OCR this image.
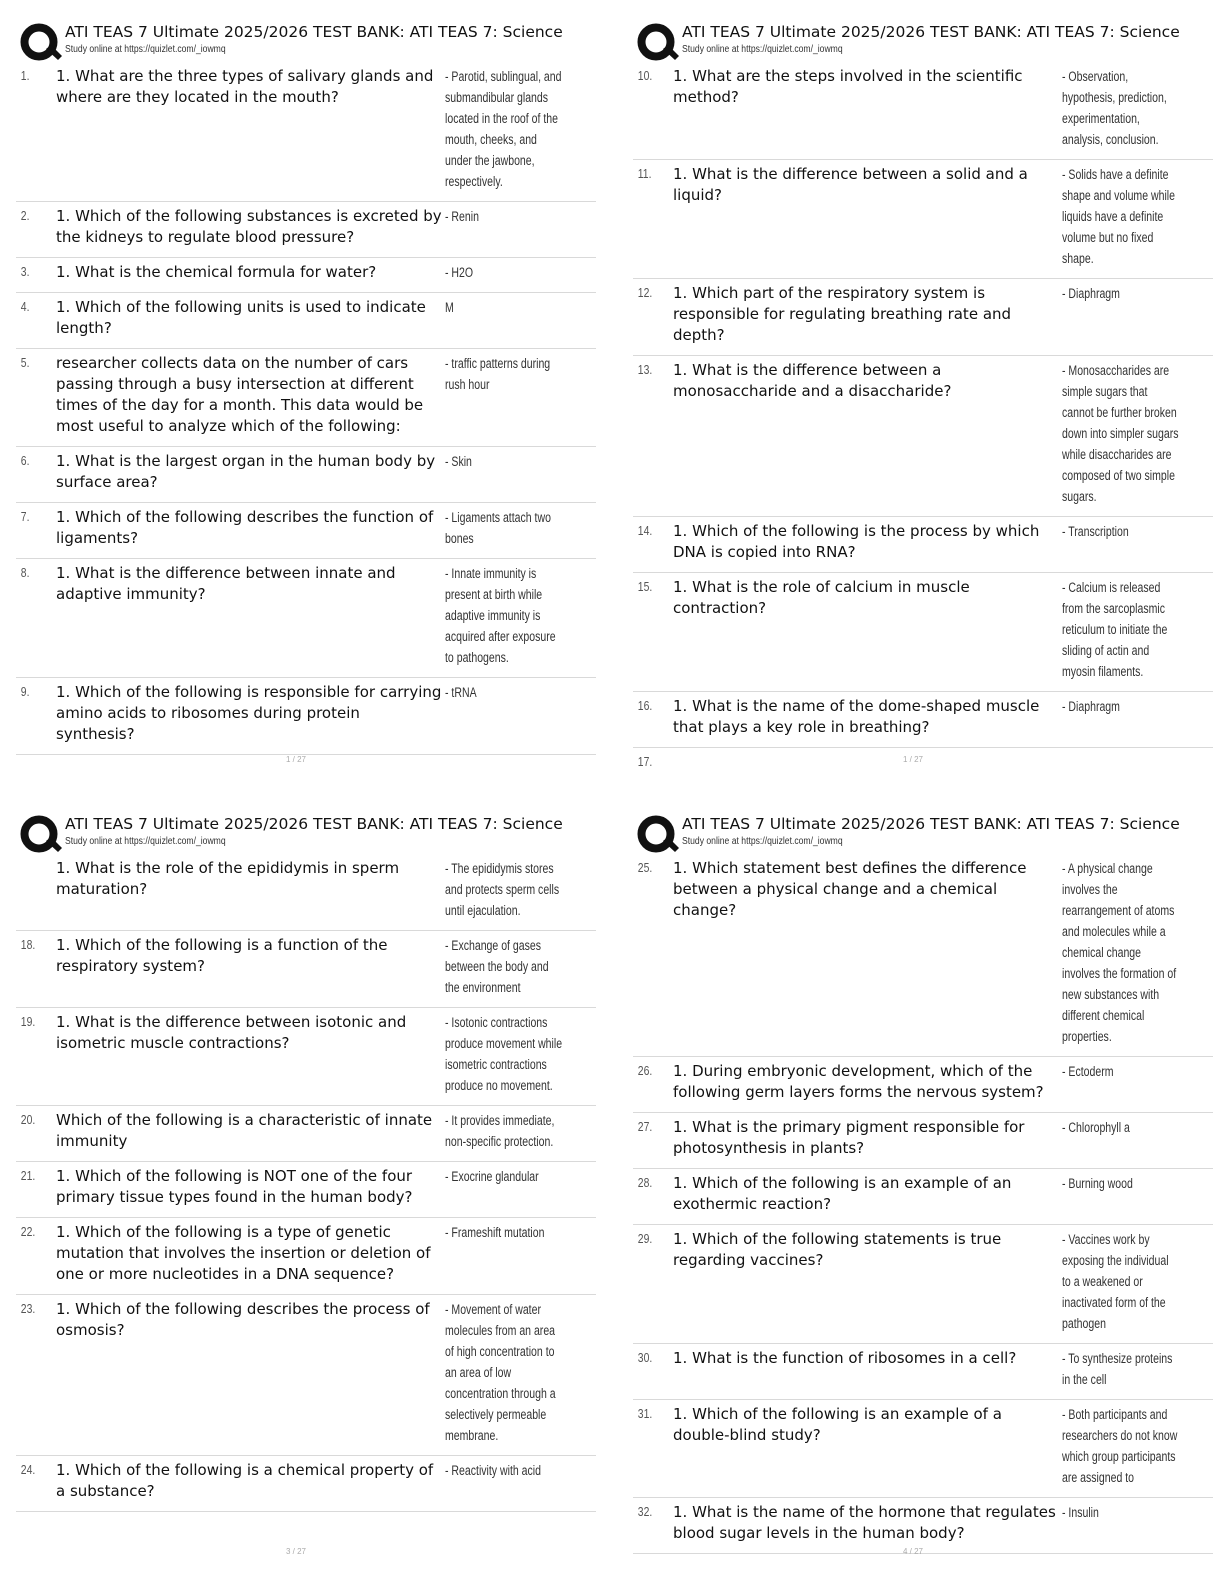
ATI TEAS 7 Ultimate 2025/2026 TEST BANK: ATI TEAS 7: Science
Study online at https://quizlet.com/_iowmq
1.	1. What are the three types of salivary glands and where are they located in the mouth?
- Parotid, sublingual, and submandibular glands located in the roof of the mouth, cheeks, and under the jawbone, respectively.
2.	1. Which of the following substances is excreted by the kidneys to regulate blood pressure?
- Renin
3.	1. What is the chemical formula for water?	- H2O
4.	1. Which of the following units is used to indicate length?
M
5.	researcher collects data on the number of cars passing through a busy intersection at different times of the day for a month. This data would be most useful to analyze which of the following:
- traffic patterns during rush hour
6.	1. What is the largest organ in the human body by surface area?
- Skin
7.	1. Which of the following describes the function of ligaments?
- Ligaments attach two bones
8.	1. What is the difference between innate and adaptive immunity?
- Innate immunity is present at birth while adaptive immunity is acquired after exposure to pathogens.
9.	1. Which of the following is responsible for carrying amino acids to ribosomes during protein synthesis?
- tRNA
1 / 27
ATI TEAS 7 Ultimate 2025/2026 TEST BANK: ATI TEAS 7: Science
Study online at https://quizlet.com/_iowmq
10.	1. What are the steps involved in the scientific method?
- Observation, hypothesis, prediction, experimentation, analysis, conclusion.
11.	1. What is the difference between a solid and a liquid?
- Solids have a definite shape and volume while liquids have a definite volume but no fixed shape.
12.	1. Which part of the respiratory system is responsible for regulating breathing rate and depth?
- Diaphragm
13.	1. What is the difference between a monosaccharide and a disaccharide?
- Monosaccharides are simple sugars that cannot be further broken down into simpler sugars while disaccharides are composed of two simple sugars.
14.	1. Which of the following is the process by which DNA is copied into RNA?
- Transcription
15.	1. What is the role of calcium in muscle contraction?
- Calcium is released from the sarcoplasmic reticulum to initiate the sliding of actin and myosin filaments.
16.	1. What is the name of the dome-shaped muscle that plays a key role in breathing?
- Diaphragm
17.	1 / 27
ATI TEAS 7 Ultimate 2025/2026 TEST BANK: ATI TEAS 7: Science
Study online at https://quizlet.com/_iowmq
1. What is the role of the epididymis in sperm maturation?
- The epididymis stores and protects sperm cells until ejaculation.
18.	1. Which of the following is a function of the respiratory system?
- Exchange of gases between the body and the environment
19.	1. What is the difference between isotonic and isometric muscle contractions?
- Isotonic contractions produce movement while isometric contractions produce no movement.
20.	Which of the following is a characteristic of innate immunity
- It provides immediate, non-specific protection.
21.	1. Which of the following is NOT one of the four primary tissue types found in the human body?
- Exocrine glandular
22.	1. Which of the following is a type of genetic mutation that involves the insertion or deletion of one or more nucleotides in a DNA sequence?
- Frameshift mutation
23.	1. Which of the following describes the process of osmosis?
- Movement of water molecules from an area of high concentration to an area of low concentration through a selectively permeable membrane.
24.	1. Which of the following is a chemical property of a substance?
- Reactivity with acid
3 / 27
ATI TEAS 7 Ultimate 2025/2026 TEST BANK: ATI TEAS 7: Science
Study online at https://quizlet.com/_iowmq
25.	1. Which statement best defines the difference between a physical change and a chemical change?
- A physical change involves the rearrangement of atoms and molecules while a chemical change involves the formation of new substances with different chemical properties.
26.	1. During embryonic development, which of the following germ layers forms the nervous system?
- Ectoderm
27.	1. What is the primary pigment responsible for photosynthesis in plants?
- Chlorophyll a
28.	1. Which of the following is an example of an exothermic reaction?
- Burning wood
29.	1. Which of the following statements is true regarding vaccines?
- Vaccines work by exposing the individual to a weakened or inactivated form of the pathogen
30.	1. What is the function of ribosomes in a cell?	- To synthesize proteins in the cell
31.	1. Which of the following is an example of a double-blind study?
- Both participants and researchers do not know which group participants are assigned to
32.	1. What is the name of the hormone that regulates blood sugar levels in the human body?
- Insulin
4 / 27
